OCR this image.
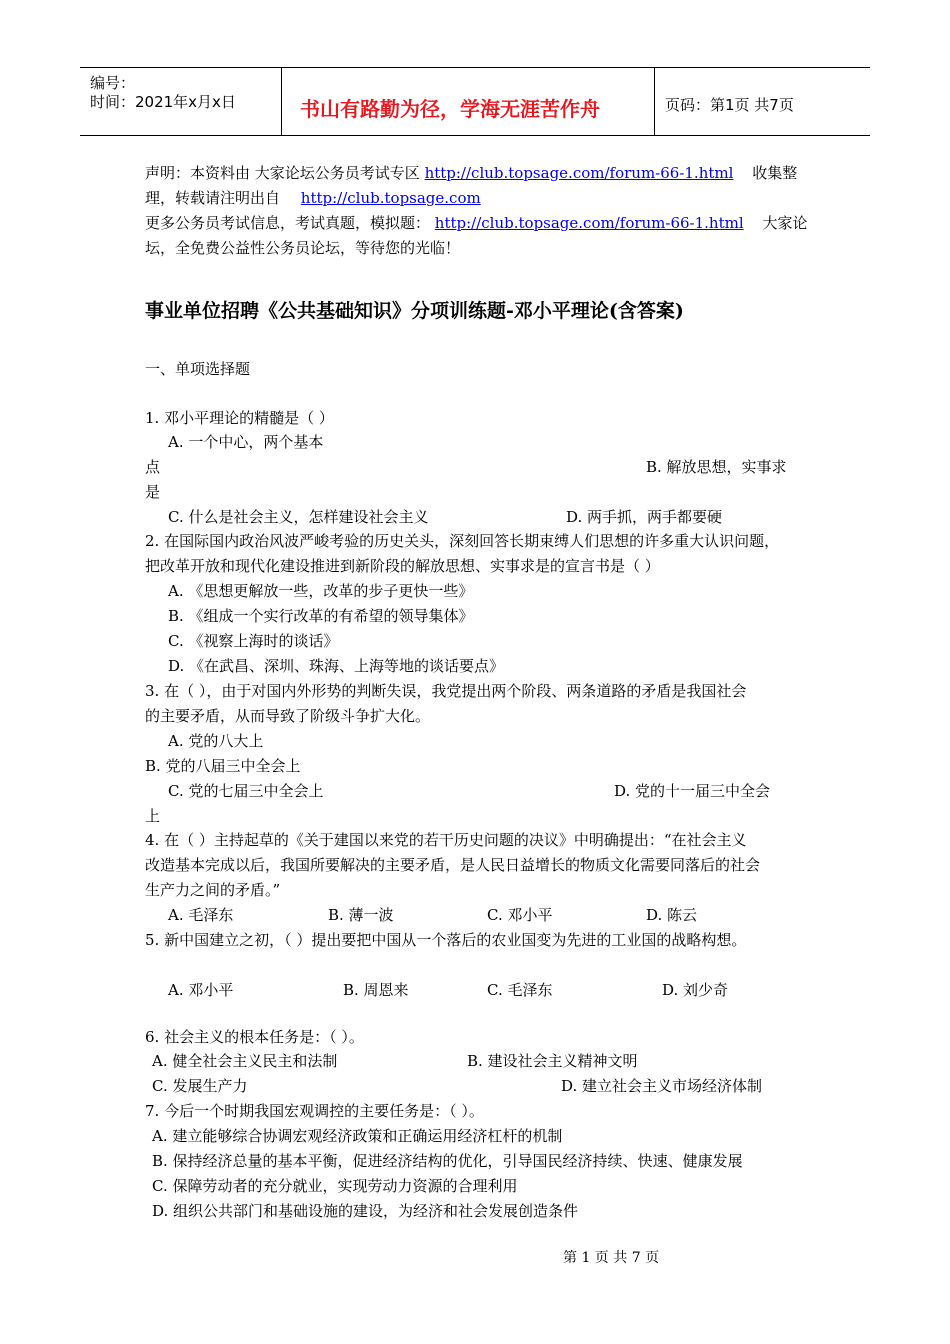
编号：
时间：2021年x月x日	书山有路勤为径，学海无涯苦作舟	页码：第1页 共7页
声明：本资料由 大家论坛公务员考试专区 http://club.topsage.com/forum-66-1.html 收集整
理，转载请注明出自 http://club.topsage.com
更多公务员考试信息，考试真题，模拟题： http://club.topsage.com/forum-66-1.html 大家论
坛，全免费公益性公务员论坛，等待您的光临！
事业单位招聘《公共基础知识》分项训练题-邓小平理论(含答案)
一、单项选择题
1. 邓小平理论的精髓是（ ）
A. 一个中心，两个基本
点	B. 解放思想，实事求
是
C. 什么是社会主义，怎样建设社会主义	D. 两手抓，两手都要硬
2. 在国际国内政治风波严峻考验的历史关头，深刻回答长期束缚人们思想的许多重大认识问题，
把改革开放和现代化建设推进到新阶段的解放思想、实事求是的宣言书是（ ）
A. 《思想更解放一些，改革的步子更快一些》
B. 《组成一个实行改革的有希望的领导集体》
C. 《视察上海时的谈话》
D. 《在武昌、深圳、珠海、上海等地的谈话要点》
3. 在（ ），由于对国内外形势的判断失误，我党提出两个阶段、两条道路的矛盾是我国社会
的主要矛盾，从而导致了阶级斗争扩大化。
A. 党的八大上
B. 党的八届三中全会上
C. 党的七届三中全会上	D. 党的十一届三中全会
上
4. 在（ ）主持起草的《关于建国以来党的若干历史问题的决议》中明确提出：“在社会主义
改造基本完成以后，我国所要解决的主要矛盾，是人民日益增长的物质文化需要同落后的社会
生产力之间的矛盾。”
A. 毛泽东	B. 薄一波	C. 邓小平	D. 陈云
5. 新中国建立之初，（ ）提出要把中国从一个落后的农业国变为先进的工业国的战略构想。
A. 邓小平	B. 周恩来	C. 毛泽东	D. 刘少奇
6. 社会主义的根本任务是：（ ）。
A. 健全社会主义民主和法制	B. 建设社会主义精神文明
C. 发展生产力	D. 建立社会主义市场经济体制
7. 今后一个时期我国宏观调控的主要任务是：（ ）。
A. 建立能够综合协调宏观经济政策和正确运用经济杠杆的机制
B. 保持经济总量的基本平衡，促进经济结构的优化，引导国民经济持续、快速、健康发展
C. 保障劳动者的充分就业，实现劳动力资源的合理利用
D. 组织公共部门和基础设施的建设，为经济和社会发展创造条件
第 1 页 共 7 页
